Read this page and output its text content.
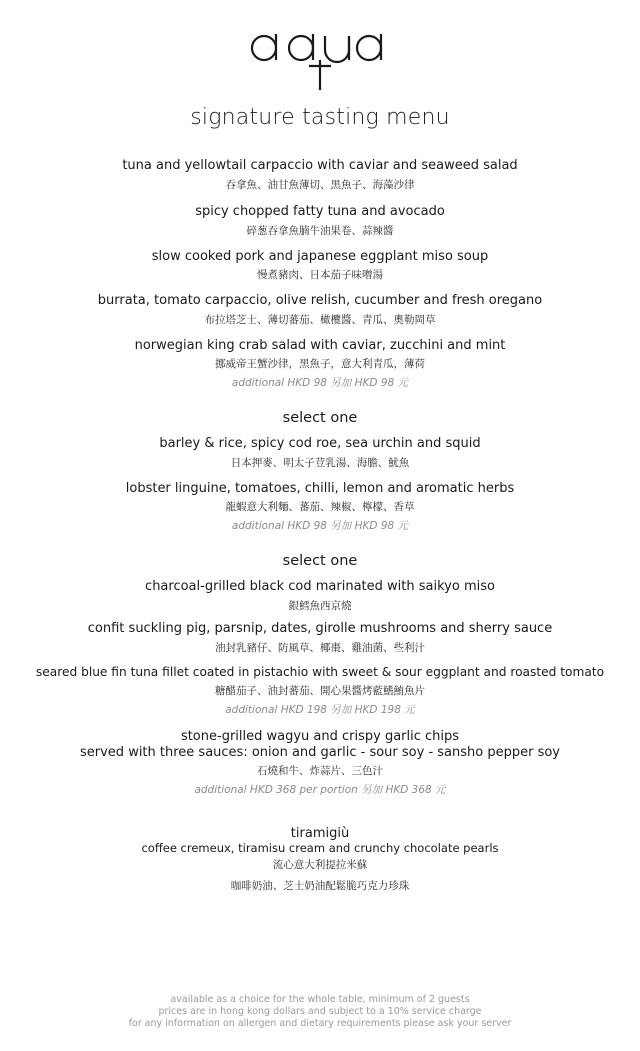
aqua
signature tasting menu
tuna and yellowtail carpaccio with caviar and seaweed salad
吞拿魚、油甘魚薄切、黑魚子、海藻沙律
spicy chopped fatty tuna and avocado
碎葱吞拿魚腩牛油果卷、蒜辣醬
slow cooked pork and japanese eggplant miso soup
慢煮豬肉、日本茄子味噌湯
burrata, tomato carpaccio, olive relish, cucumber and fresh oregano
布拉塔芝士、薄切蕃茄、橄欖醬、青瓜、奧勒岡草
norwegian king crab salad with caviar, zucchini and mint
挪威帝王蟹沙律，黑魚子，意大利青瓜，薄荷
additional HKD 98 另加 HKD 98 元
select one
barley & rice, spicy cod roe, sea urchin and squid
日本押麥、明太子荳乳湯、海膽、魷魚
lobster linguine, tomatoes, chilli, lemon and aromatic herbs
龍蝦意大利麵、蕃茄、辣椒、檸檬、香草
additional HKD 98 另加 HKD 98 元
select one
charcoal-grilled black cod marinated with saikyo miso
銀鱈魚西京燒
confit suckling pig, parsnip, dates, girolle mushrooms and sherry sauce
油封乳豬仔、防風草、椰棗、雞油菌、些利汁
seared blue fin tuna fillet coated in pistachio with sweet & sour eggplant and roasted tomato
糖醋茄子、油封蕃茄、開心果醬烤藍鰭鮪魚片
additional HKD 198 另加 HKD 198 元
stone-grilled wagyu and crispy garlic chips
served with three sauces: onion and garlic - sour soy - sansho pepper soy
石燒和牛、炸蒜片、三色汁
additional HKD 368 per portion 另加 HKD 368 元
tiramigiù
coffee cremeux, tiramisu cream and crunchy chocolate pearls
流心意大利提拉米蘇
咖啡奶油、芝士奶油配鬆脆巧克力珍珠
available as a choice for the whole table, minimum of 2 guests
prices are in hong kong dollars and subject to a 10% service charge
for any information on allergen and dietary requirements please ask your server
